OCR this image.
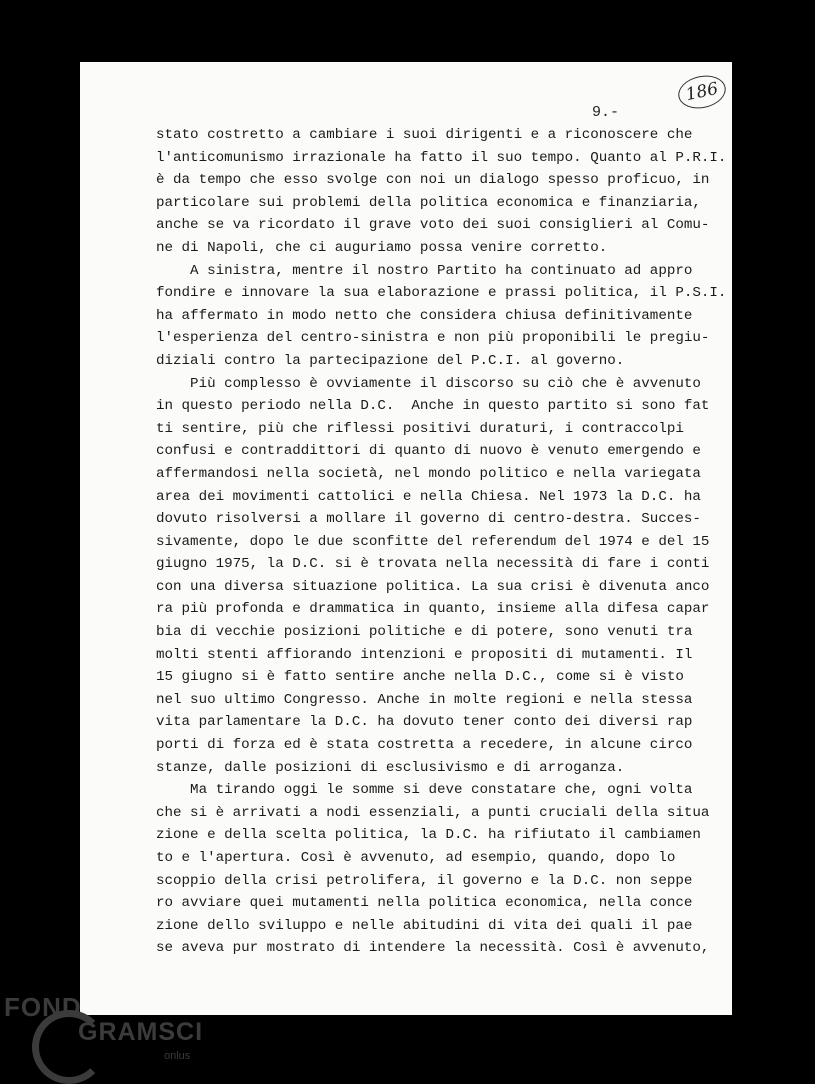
186
9.-
stato costretto a cambiare i suoi dirigenti e a riconoscere che
l'anticomunismo irrazionale ha fatto il suo tempo. Quanto al P.R.I.
è da tempo che esso svolge con noi un dialogo spesso proficuo, in
particolare sui problemi della politica economica e finanziaria,
anche se va ricordato il grave voto dei suoi consiglieri al Comu-
ne di Napoli, che ci auguriamo possa venire corretto.
A sinistra, mentre il nostro Partito ha continuato ad appro
fondire e innovare la sua elaborazione e prassi politica, il P.S.I.
ha affermato in modo netto che considera chiusa definitivamente
l'esperienza del centro-sinistra e non più proponibili le pregiu-
diziali contro la partecipazione del P.C.I. al governo.
Più complesso è ovviamente il discorso su ciò che è avvenuto
in questo periodo nella D.C.  Anche in questo partito si sono fat
ti sentire, più che riflessi positivi duraturi, i contraccolpi
confusi e contraddittori di quanto di nuovo è venuto emergendo e
affermandosi nella società, nel mondo politico e nella variegata
area dei movimenti cattolici e nella Chiesa. Nel 1973 la D.C. ha
dovuto risolversi a mollare il governo di centro-destra. Succes-
sivamente, dopo le due sconfitte del referendum del 1974 e del 15
giugno 1975, la D.C. si è trovata nella necessità di fare i conti
con una diversa situazione politica. La sua crisi è divenuta anco
ra più profonda e drammatica in quanto, insieme alla difesa capar
bia di vecchie posizioni politiche e di potere, sono venuti tra
molti stenti affiorando intenzioni e propositi di mutamenti. Il
15 giugno si è fatto sentire anche nella D.C., come si è visto
nel suo ultimo Congresso. Anche in molte regioni e nella stessa
vita parlamentare la D.C. ha dovuto tener conto dei diversi rap
porti di forza ed è stata costretta a recedere, in alcune circo
stanze, dalle posizioni di esclusivismo e di arroganza.
Ma tirando oggi le somme si deve constatare che, ogni volta
che si è arrivati a nodi essenziali, a punti cruciali della situa
zione e della scelta politica, la D.C. ha rifiutato il cambiamen
to e l'apertura. Così è avvenuto, ad esempio, quando, dopo lo
scoppio della crisi petrolifera, il governo e la D.C. non seppe
ro avviare quei mutamenti nella politica economica, nella conce
zione dello sviluppo e nelle abitudini di vita dei quali il pae
se aveva pur mostrato di intendere la necessità. Così è avvenuto,
FOND
GRAMSCI
onlus
